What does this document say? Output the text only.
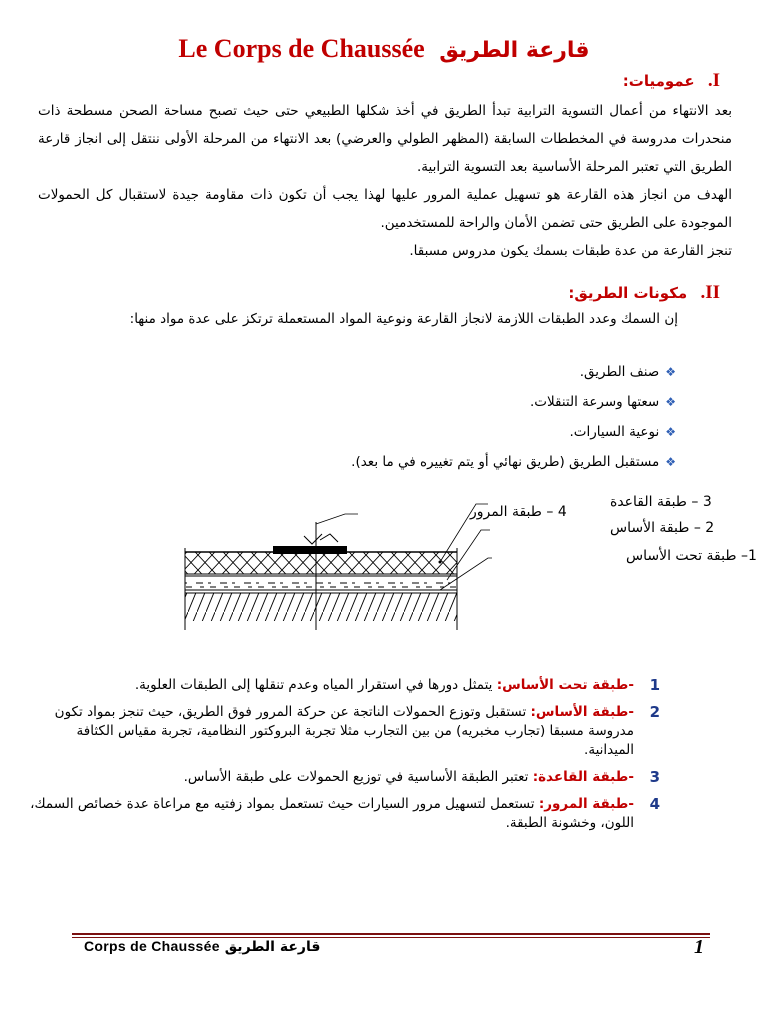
Le Corps de Chaussée قارعة الطريق
I. عموميات:
بعد الانتهاء من أعمال التسوية الترابية تبدأ الطريق في أخذ شكلها الطبيعي حتى حيث تصبح مساحة الصحن مسطحة ذات منحدرات مدروسة في المخططات السابقة (المظهر الطولي والعرضي) بعد الانتهاء من المرحلة الأولى ننتقل إلى انجاز قارعة الطريق التي تعتبر المرحلة الأساسية بعد التسوية الترابية.
الهدف من انجاز هذه القارعة هو تسهيل عملية المرور عليها لهذا يجب أن تكون ذات مقاومة جيدة لاستقبال كل الحمولات الموجودة على الطريق حتى تضمن الأمان والراحة للمستخدمين.
تنجز القارعة من عدة طبقات بسمك يكون مدروس مسبقا.
II. مكونات الطريق:
إن السمك وعدد الطبقات اللازمة لانجاز القارعة ونوعية المواد المستعملة ترتكز على عدة مواد منها:
❖صنف الطريق.
❖سعتها وسرعة التنقلات.
❖نوعية السيارات.
❖مستقبل الطريق (طريق نهائي أو يتم تغييره في ما بعد).
4 – طبقة المرور
3 – طبقة القاعدة
2 – طبقة الأساس
1– طبقة تحت الأساس
1
-طبقة تحت الأساس: يتمثل دورها في استقرار المياه وعدم تنقلها إلى الطبقات العلوية.
2
-طبقة الأساس: تستقبل وتوزع الحمولات الناتجة عن حركة المرور فوق الطريق، حيث تنجز بمواد تكون مدروسة مسبقا (تجارب مخبريه) من بين التجارب مثلا تجربة البروكتور النظامية، تجربة مقياس الكثافة الميدانية.
3
-طبقة القاعدة: تعتبر الطبقة الأساسية في توزيع الحمولات على طبقة الأساس.
4
-طبقة المرور: تستعمل لتسهيل مرور السيارات حيث تستعمل بمواد زفتيه مع مراعاة عدة خصائص السمك، اللون، وخشونة الطبقة.
Corps de Chaussée قارعة الطريق	1
